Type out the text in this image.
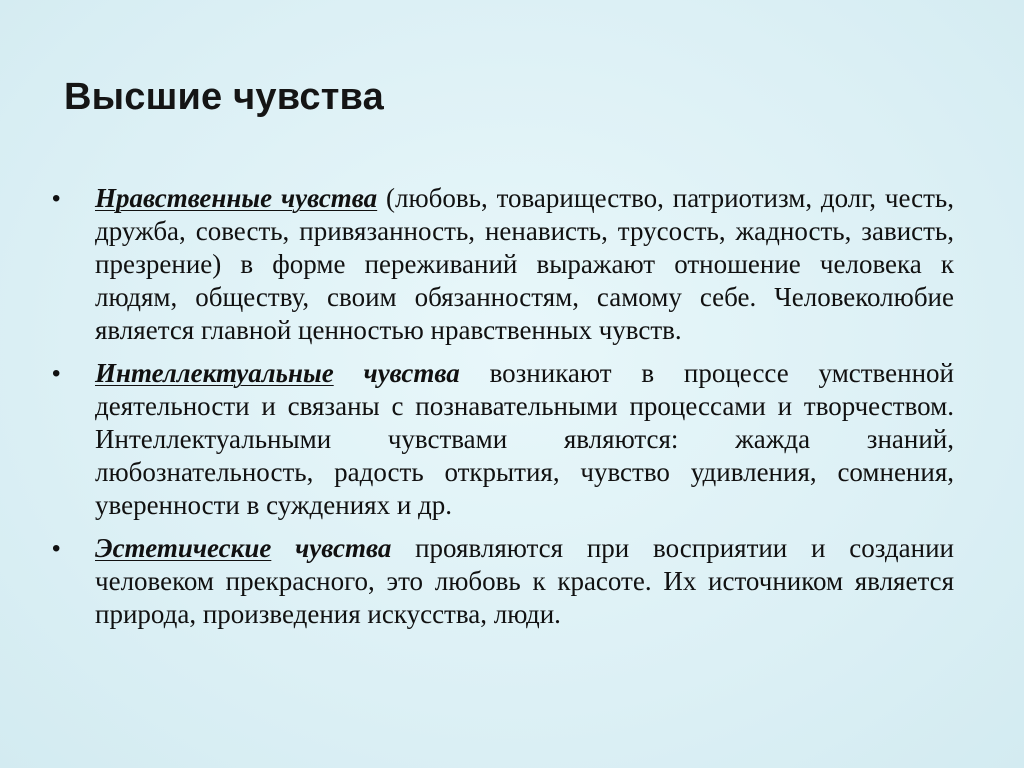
Высшие чувства
• Нравственные чувства (любовь, товарищество, патриотизм, долг, честь, дружба, совесть, привязанность, ненависть, трусость, жадность, зависть, презрение) в форме переживаний выражают отношение человека к людям, обществу, своим обязанностям, самому себе. Человеколюбие является главной ценностью нравственных чувств.
• Интеллектуальные чувства возникают в процессе умственной деятельности и связаны с познавательными процессами и творчеством. Интеллектуальными чувствами являются: жажда знаний, любознательность, радость открытия, чувство удивления, сомнения, уверенности в суждениях и др.
• Эстетические чувства проявляются при восприятии и создании человеком прекрасного, это любовь к красоте. Их источником является природа, произведения искусства, люди.
